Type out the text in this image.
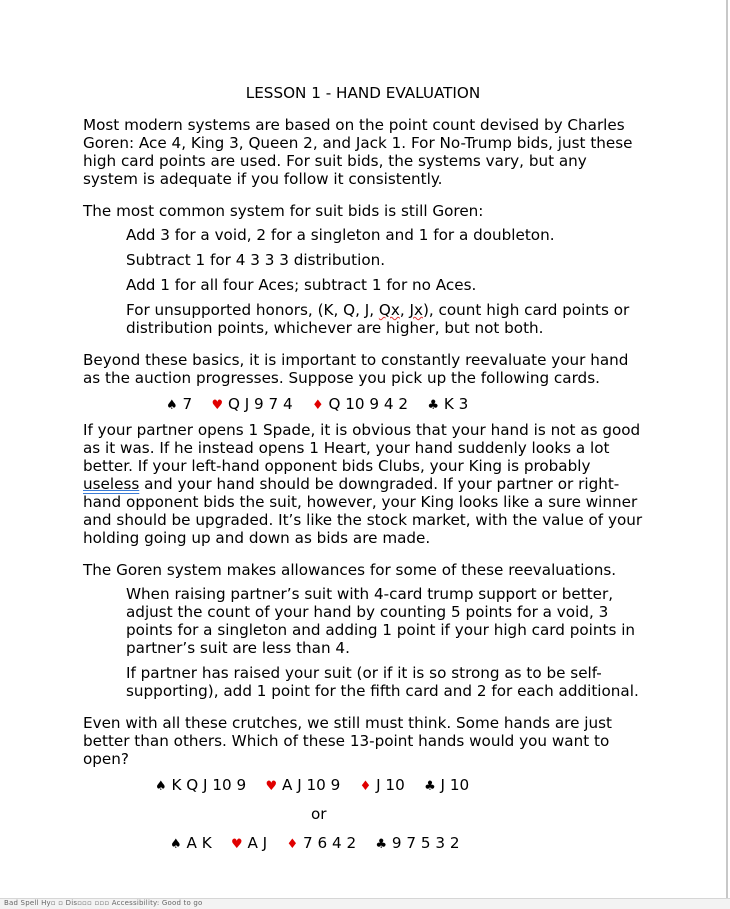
LESSON 1 - HAND EVALUATION

Most modern systems are based on the point count devised by Charles Goren: Ace 4, King 3, Queen 2, and Jack 1. For No-Trump bids, just these high card points are used. For suit bids, the systems vary, but any system is adequate if you follow it consistently.

The most common system for suit bids is still Goren:

Add 3 for a void, 2 for a singleton and 1 for a doubleton.

Subtract 1 for 4 3 3 3 distribution.

Add 1 for all four Aces; subtract 1 for no Aces.

For unsupported honors, (K, Q, J, Qx, Jx), count high card points or distribution points, whichever are higher, but not both.

Beyond these basics, it is important to constantly reevaluate your hand as the auction progresses. Suppose you pick up the following cards.

♠ 7 ♥ Q J 9 7 4 ♦ Q 10 9 4 2 ♣ K 3

If your partner opens 1 Spade, it is obvious that your hand is not as good as it was. If he instead opens 1 Heart, your hand suddenly looks a lot better. If your left-hand opponent bids Clubs, your King is probably useless and your hand should be downgraded. If your partner or right-hand opponent bids the suit, however, your King looks like a sure winner and should be upgraded. It’s like the stock market, with the value of your holding going up and down as bids are made.

The Goren system makes allowances for some of these reevaluations.

When raising partner’s suit with 4-card trump support or better, adjust the count of your hand by counting 5 points for a void, 3 points for a singleton and adding 1 point if your high card points in partner’s suit are less than 4.

If partner has raised your suit (or if it is so strong as to be self-supporting), add 1 point for the fifth card and 2 for each additional.

Even with all these crutches, we still must think. Some hands are just better than others. Which of these 13-point hands would you want to open?

♠ K Q J 10 9 ♥ A J 10 9 ♦ J 10 ♣ J 10
or
♠ A K ♥ A J ♦ 7 6 4 2 ♣ 9 7 5 3 2
Bad Spell Hy▫ ▫ Dis▫▫▫ ▫▫▫ Accessibility: Good to go
